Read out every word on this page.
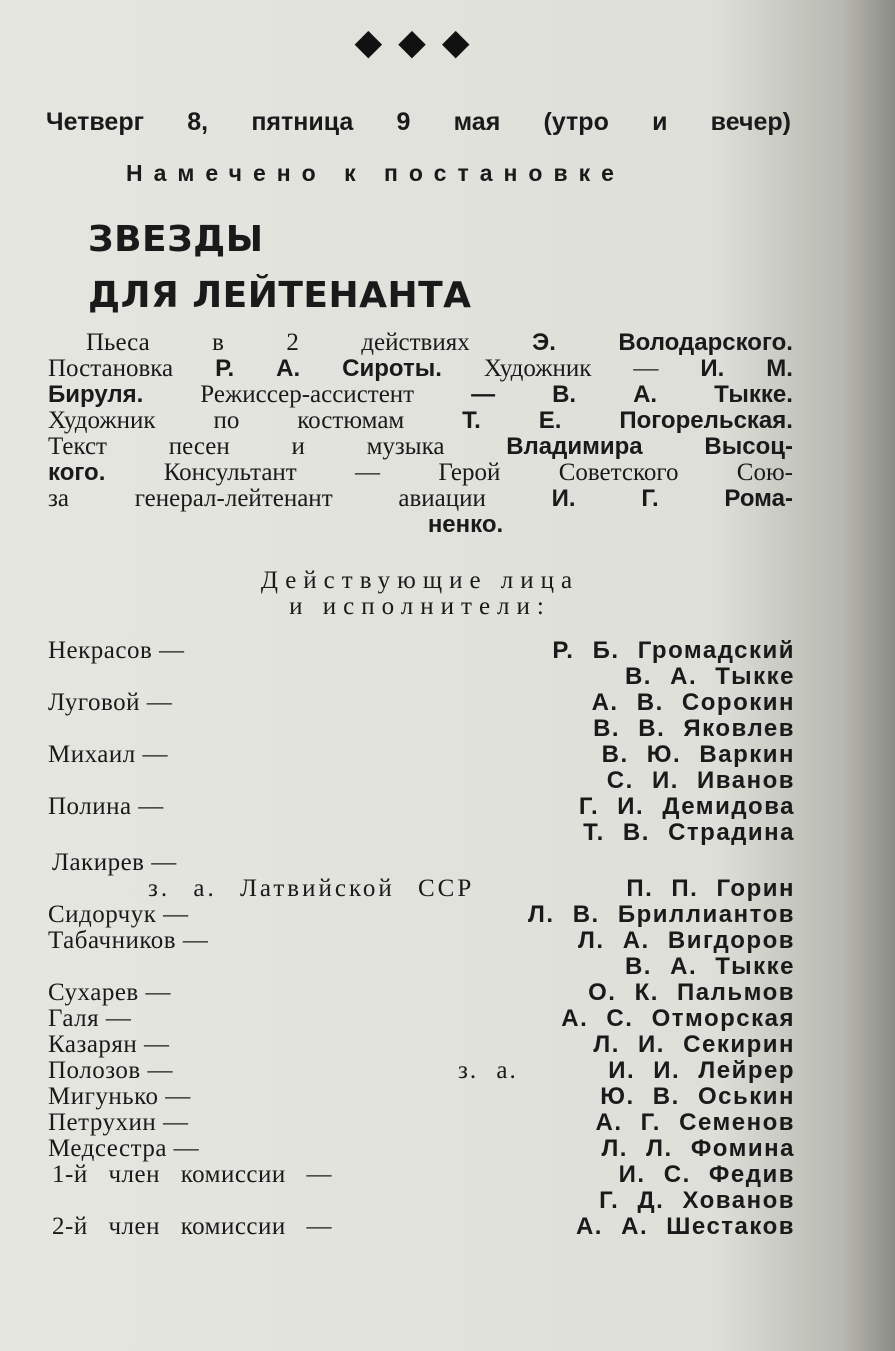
◆◆◆
Четверг 8, пятница 9 мая (утро и вечер)
Намечено к постановке
ЗВЕЗДЫ
ДЛЯ ЛЕЙТЕНАНТА
Пьеса в 2 действиях	Э.	Володарского.
Постановка Р. А. Сироты. Художник — И. М.
Бируля. Режиссер-ассистент — В. А. Тыкке.
Художник по костюмам Т. Е. Погорельская.
Текст песен и музыка	Владимира	Высоц-
кого. Консультант — Герой Советского Сою-
за	генерал-лейтенант	авиации	И.	Г.	Рома-
ненко.
Действующие лица
и исполнители:
Некрасов —	Р. Б. Громадский
В. А. Тыкке
Луговой —	А. В. Сорокин
В. В. Яковлев
Михаил —	В. Ю. Варкин
С. И. Иванов
Полина —	Г. И. Демидова
Т. В. Страдина
Лакирев —
з. а. Латвийской ССР	П. П. Горин
Сидорчук —	Л. В. Бриллиантов
Табачников —	Л. А. Вигдоров
В. А. Тыкке
Сухарев —	О. К. Пальмов
Галя —	А. С. Отморская
Казарян —	Л. И. Секирин
Полозов —	з. а.	И. И. Лейрер
Мигунько —	Ю. В. Оськин
Петрухин —	А. Г. Семенов
Медсестра —	Л. Л. Фомина
1-й член комиссии —	И. С. Федив
Г. Д. Хованов
2-й член комиссии —	А. А. Шестаков
